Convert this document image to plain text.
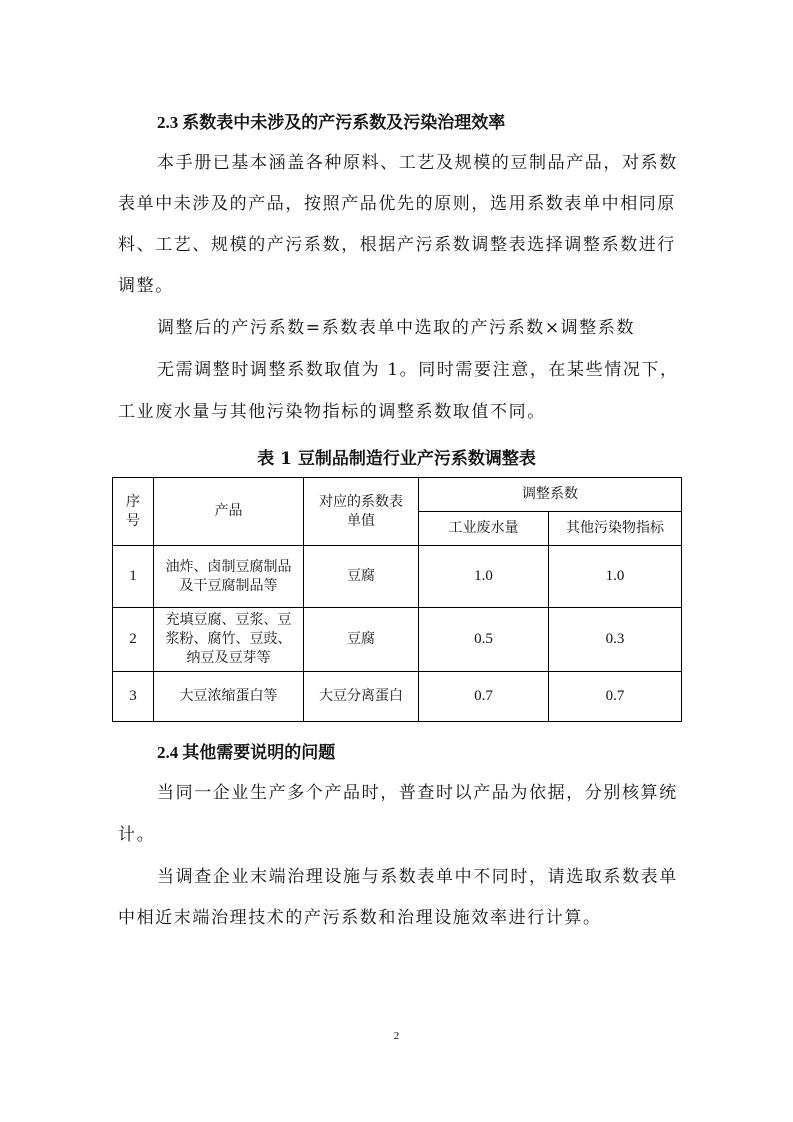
2.3 系数表中未涉及的产污系数及污染治理效率
本手册已基本涵盖各种原料、工艺及规模的豆制品产品，对系数
表单中未涉及的产品，按照产品优先的原则，选用系数表单中相同原
料、工艺、规模的产污系数，根据产污系数调整表选择调整系数进行
调整。
调整后的产污系数=系数表单中选取的产污系数×调整系数
无需调整时调整系数取值为 1。同时需要注意，在某些情况下，
工业废水量与其他污染物指标的调整系数取值不同。
表 1 豆制品制造行业产污系数调整表
序号	产品	对应的系数表单值	调整系数	
			工业废水量	其他污染物指标
1	油炸、卤制豆腐制品及干豆腐制品等	豆腐	1.0	1.0
2	充填豆腐、豆浆、豆浆粉、腐竹、豆豉、纳豆及豆芽等	豆腐	0.5	0.3
3	大豆浓缩蛋白等	大豆分离蛋白	0.7	0.7
2.4 其他需要说明的问题
当同一企业生产多个产品时，普查时以产品为依据，分别核算统
计。
当调查企业末端治理设施与系数表单中不同时，请选取系数表单
中相近末端治理技术的产污系数和治理设施效率进行计算。
2
